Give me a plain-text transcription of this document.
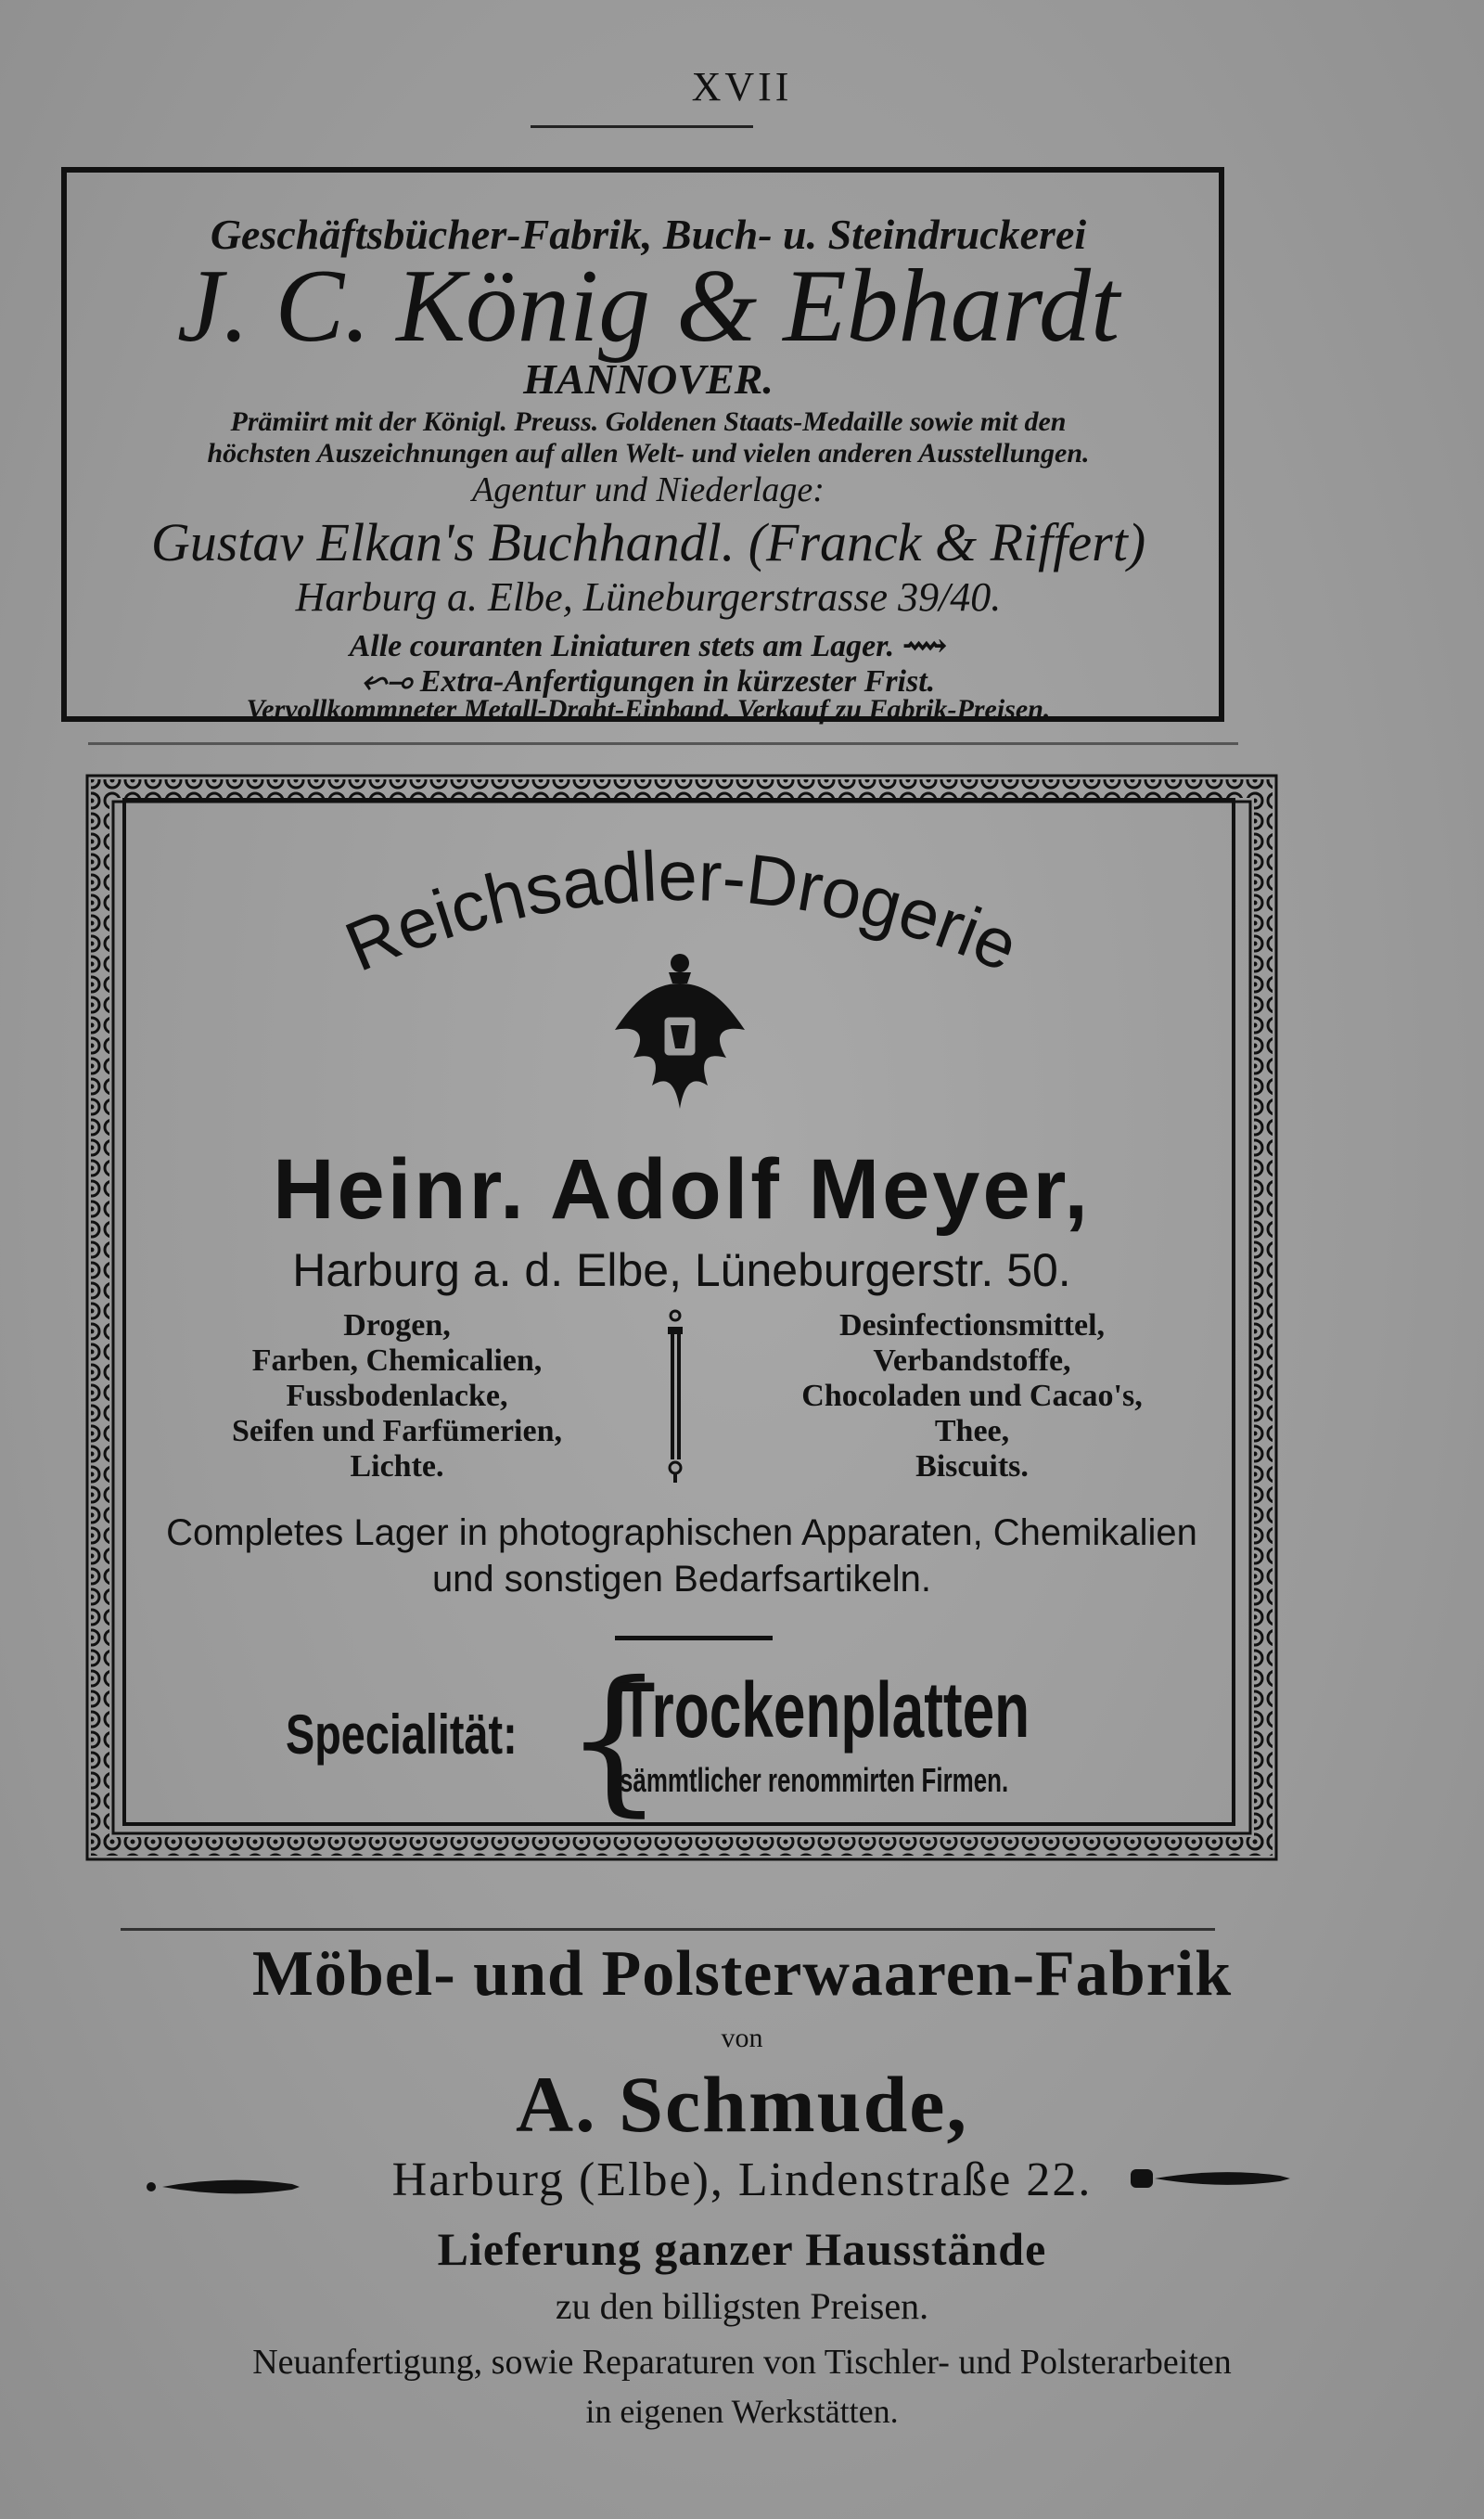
XVII
Geschäftsbücher-Fabrik, Buch- u. Steindruckerei
J. C. König & Ebhardt
HANNOVER.
Prämiirt mit der Königl. Preuss. Goldenen Staats-Medaille sowie mit den
höchsten Auszeichnungen auf allen Welt- und vielen anderen Ausstellungen.
Agentur und Niederlage:
Gustav Elkan's Buchhandl. (Franck & Riffert)
Harburg a. Elbe, Lüneburgerstrasse 39/40.
Alle couranten Liniaturen stets am Lager. ⟿
⬿⊸ Extra-Anfertigungen in kürzester Frist.
Vervollkommneter Metall-Draht-Einband. Verkauf zu Fabrik-Preisen.
Reichsadler-Drogerie
Heinr. Adolf Meyer,
Harburg a. d. Elbe, Lüneburgerstr. 50.
Drogen,
Farben, Chemicalien,
Fussbodenlacke,
Seifen und Farfümerien,
Lichte.
Desinfectionsmittel,
Verbandstoffe,
Chocoladen und Cacao's,
Thee,
Biscuits.
Completes Lager in photographischen Apparaten, Chemikalien
und sonstigen Bedarfsartikeln.
Specialität: {
Trockenplatten
sämmtlicher renommirten Firmen.
Möbel- und Polsterwaaren-Fabrik
von
A. Schmude,
Harburg (Elbe), Lindenstraße 22.
Lieferung ganzer Hausstände
zu den billigsten Preisen.
Neuanfertigung, sowie Reparaturen von Tischler- und Polsterarbeiten
in eigenen Werkstätten.
